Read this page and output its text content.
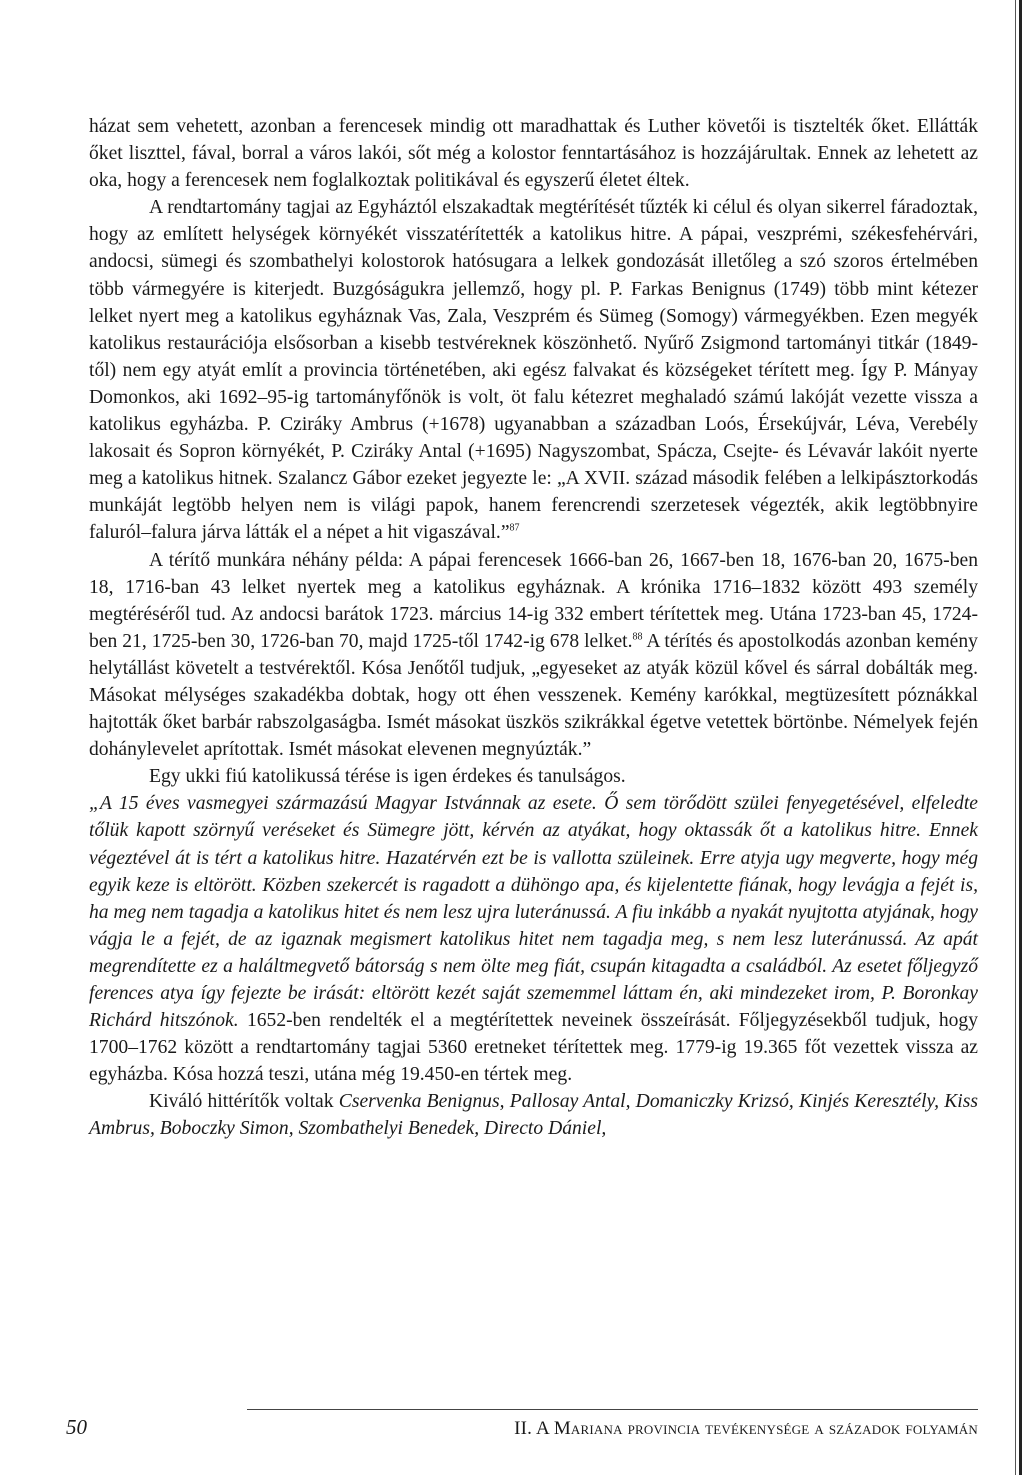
házat sem vehetett, azonban a ferencesek mindig ott maradhattak és Luther követői is tisztelték őket. Ellátták őket liszttel, fával, borral a város lakói, sőt még a kolostor fenntartásához is hozzájárultak. Ennek az lehetett az oka, hogy a ferencesek nem foglalkoztak politikával és egyszerű életet éltek.

A rendtartomány tagjai az Egyháztól elszakadtak megtérítését tűzték ki célul és olyan sikerrel fáradoztak, hogy az említett helységek környékét visszatérítették a katolikus hitre. A pápai, veszprémi, székesfehérvári, andocsi, sümegi és szombathelyi kolostorok hatósugara a lelkek gondozását illetőleg a szó szoros értelmében több vármegyére is kiterjedt. Buzgóságukra jellemző, hogy pl. P. Farkas Benignus (1749) több mint kétezer lelket nyert meg a katolikus egyháznak Vas, Zala, Veszprém és Sümeg (Somogy) vármegyékben. Ezen megyék katolikus restaurációja elsősorban a kisebb testvéreknek köszönhető. Nyűrő Zsigmond tartományi titkár (1849-től) nem egy atyát említ a provincia történetében, aki egész falvakat és községeket térített meg. Így P. Mányay Domonkos, aki 1692–95-ig tartományfőnök is volt, öt falu kétezret meghaladó számú lakóját vezette vissza a katolikus egyházba. P. Cziráky Ambrus (+1678) ugyanabban a században Loós, Érsekújvár, Léva, Verebély lakosait és Sopron környékét, P. Cziráky Antal (+1695) Nagyszombat, Spácza, Csejte- és Lévavár lakóit nyerte meg a katolikus hitnek. Szalancz Gábor ezeket jegyezte le: „A XVII. század második felében a lelkipásztorkodás munkáját legtöbb helyen nem is világi papok, hanem ferencrendi szerzetesek végezték, akik legtöbbnyire faluról–falura járva látták el a népet a hit vigaszával.”$^{87}$

A térítő munkára néhány példa: A pápai ferencesek 1666-ban 26, 1667-ben 18, 1676-ban 20, 1675-ben 18, 1716-ban 43 lelket nyertek meg a katolikus egyháznak. A krónika 1716–1832 között 493 személy megtéréséről tud. Az andocsi barátok 1723. március 14-ig 332 embert térítettek meg. Utána 1723-ban 45, 1724-ben 21, 1725-ben 30, 1726-ban 70, majd 1725-től 1742-ig 678 lelket.$^{88}$ A térítés és apostolkodás azonban kemény helytállást követelt a testvérektől. Kósa Jenőtől tudjuk, „egyeseket az atyák közül kővel és sárral dobálták meg. Másokat mélységes szakadékba dobtak, hogy ott éhen vesszenek. Kemény karókkal, megtüzesített póznákkal hajtották őket barbár rabszolgaságba. Ismét másokat üszkös szikrákkal égetve vetettek börtönbe. Némelyek fején dohánylevelet aprítottak. Ismét másokat elevenen megnyúzták.”

Egy ukki fiú katolikussá térése is igen érdekes és tanulságos.

„A 15 éves vasmegyei származású Magyar Istvánnak az esete. Ő sem törődött szülei fenyegetésével, elfeledte tőlük kapott szörnyű veréseket és Sümegre jött, kérvén az atyákat, hogy oktassák őt a katolikus hitre. Ennek végeztével át is tért a katolikus hitre. Hazatérvén ezt be is vallotta szüleinek. Erre atyja ugy megverte, hogy még egyik keze is eltörött. Közben szekercét is ragadott a dühöngo apa, és kijelentette fiának, hogy levágja a fejét is, ha meg nem tagadja a katolikus hitet és nem lesz ujra luteránussá. A fiu inkább a nyakát nyujtotta atyjának, hogy vágja le a fejét, de az igaznak megismert katolikus hitet nem tagadja meg, s nem lesz luteránussá. Az apát megrendítette ez a haláltmegvető bátorság s nem ölte meg fiát, csupán kitagadta a családból. Az esetet főljegyző ferences atya így fejezte be irását: eltörött kezét saját szememmel láttam én, aki mindezeket irom, P. Boronkay Richárd hitszónok. 1652-ben rendelték el a megtérítettek neveinek összeírását. Főljegyzésekből tudjuk, hogy 1700–1762 között a rendtartomány tagjai 5360 eretneket térítettek meg. 1779-ig 19.365 főt vezettek vissza az egyházba. Kósa hozzá teszi, utána még 19.450-en tértek meg.

Kiváló hittérítők voltak Cservenka Benignus, Pallosay Antal, Domaniczky Krizsó, Kinjés Keresztély, Kiss Ambrus, Boboczky Simon, Szombathelyi Benedek, Directo Dániel,

50	II. A Mariana provincia tevékenysége a századok folyamán
